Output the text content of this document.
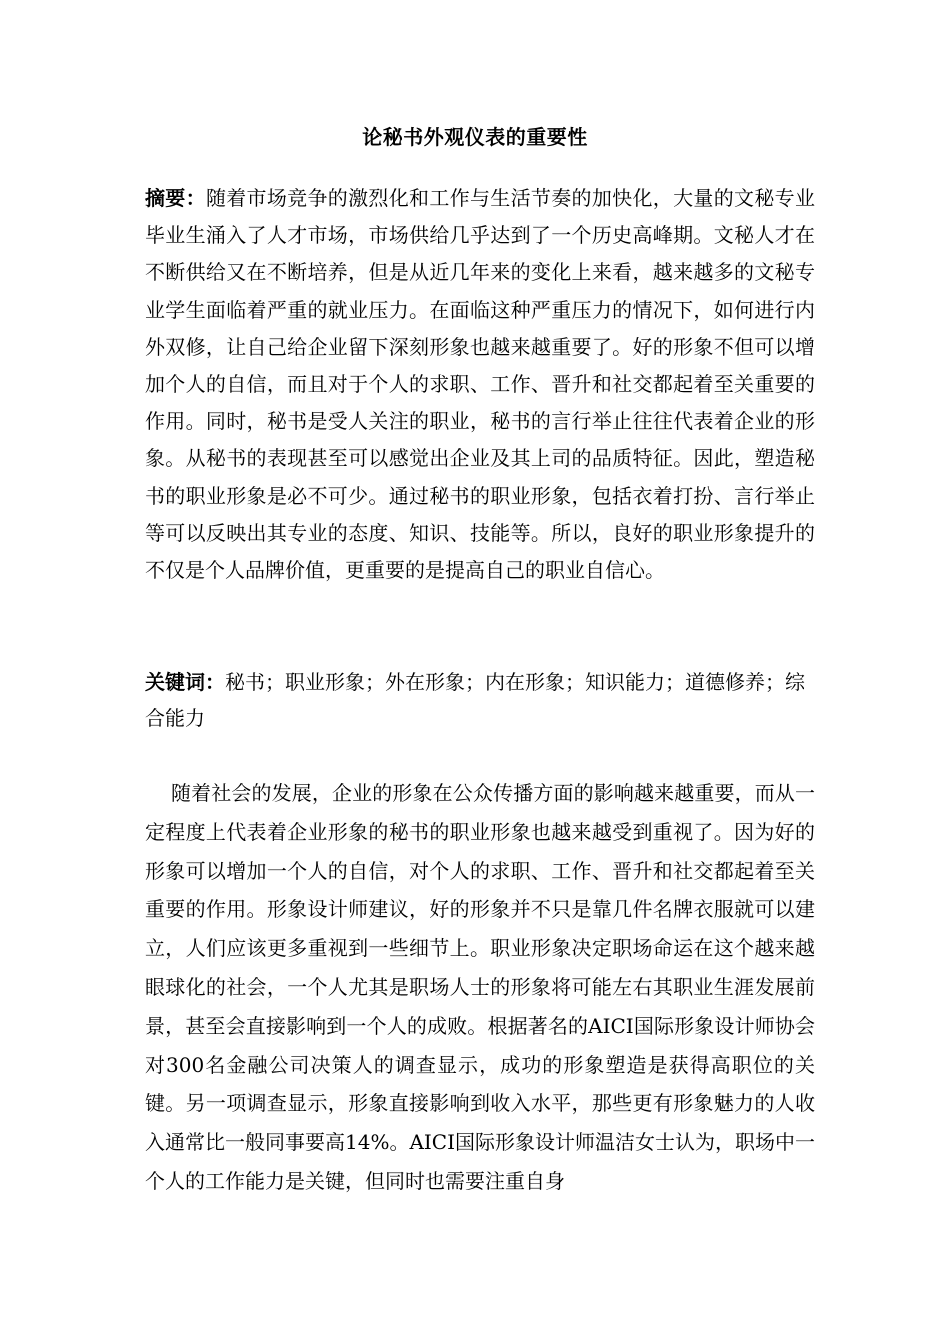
论秘书外观仪表的重要性

摘要：随着市场竞争的激烈化和工作与生活节奏的加快化，大量的文秘专业毕业生涌入了人才市场，市场供给几乎达到了一个历史高峰期。文秘人才在不断供给又在不断培养，但是从近几年来的变化上来看，越来越多的文秘专业学生面临着严重的就业压力。在面临这种严重压力的情况下，如何进行内外双修，让自己给企业留下深刻形象也越来越重要了。好的形象不但可以增加个人的自信，而且对于个人的求职、工作、晋升和社交都起着至关重要的作用。同时，秘书是受人关注的职业，秘书的言行举止往往代表着企业的形象。从秘书的表现甚至可以感觉出企业及其上司的品质特征。因此，塑造秘书的职业形象是必不可少。通过秘书的职业形象，包括衣着打扮、言行举止等可以反映出其专业的态度、知识、技能等。所以，良好的职业形象提升的不仅是个人品牌价值，更重要的是提高自己的职业自信心。

关键词：秘书；职业形象；外在形象；内在形象；知识能力；道德修养；综合能力

随着社会的发展，企业的形象在公众传播方面的影响越来越重要，而从一定程度上代表着企业形象的秘书的职业形象也越来越受到重视了。因为好的形象可以增加一个人的自信，对个人的求职、工作、晋升和社交都起着至关重要的作用。形象设计师建议，好的形象并不只是靠几件名牌衣服就可以建立，人们应该更多重视到一些细节上。职业形象决定职场命运在这个越来越眼球化的社会，一个人尤其是职场人士的形象将可能左右其职业生涯发展前景，甚至会直接影响到一个人的成败。根据著名的AICI国际形象设计师协会对300名金融公司决策人的调查显示，成功的形象塑造是获得高职位的关键。另一项调查显示，形象直接影响到收入水平，那些更有形象魅力的人收入通常比一般同事要高14%。AICI国际形象设计师温洁女士认为，职场中一个人的工作能力是关键，但同时也需要注重自身
